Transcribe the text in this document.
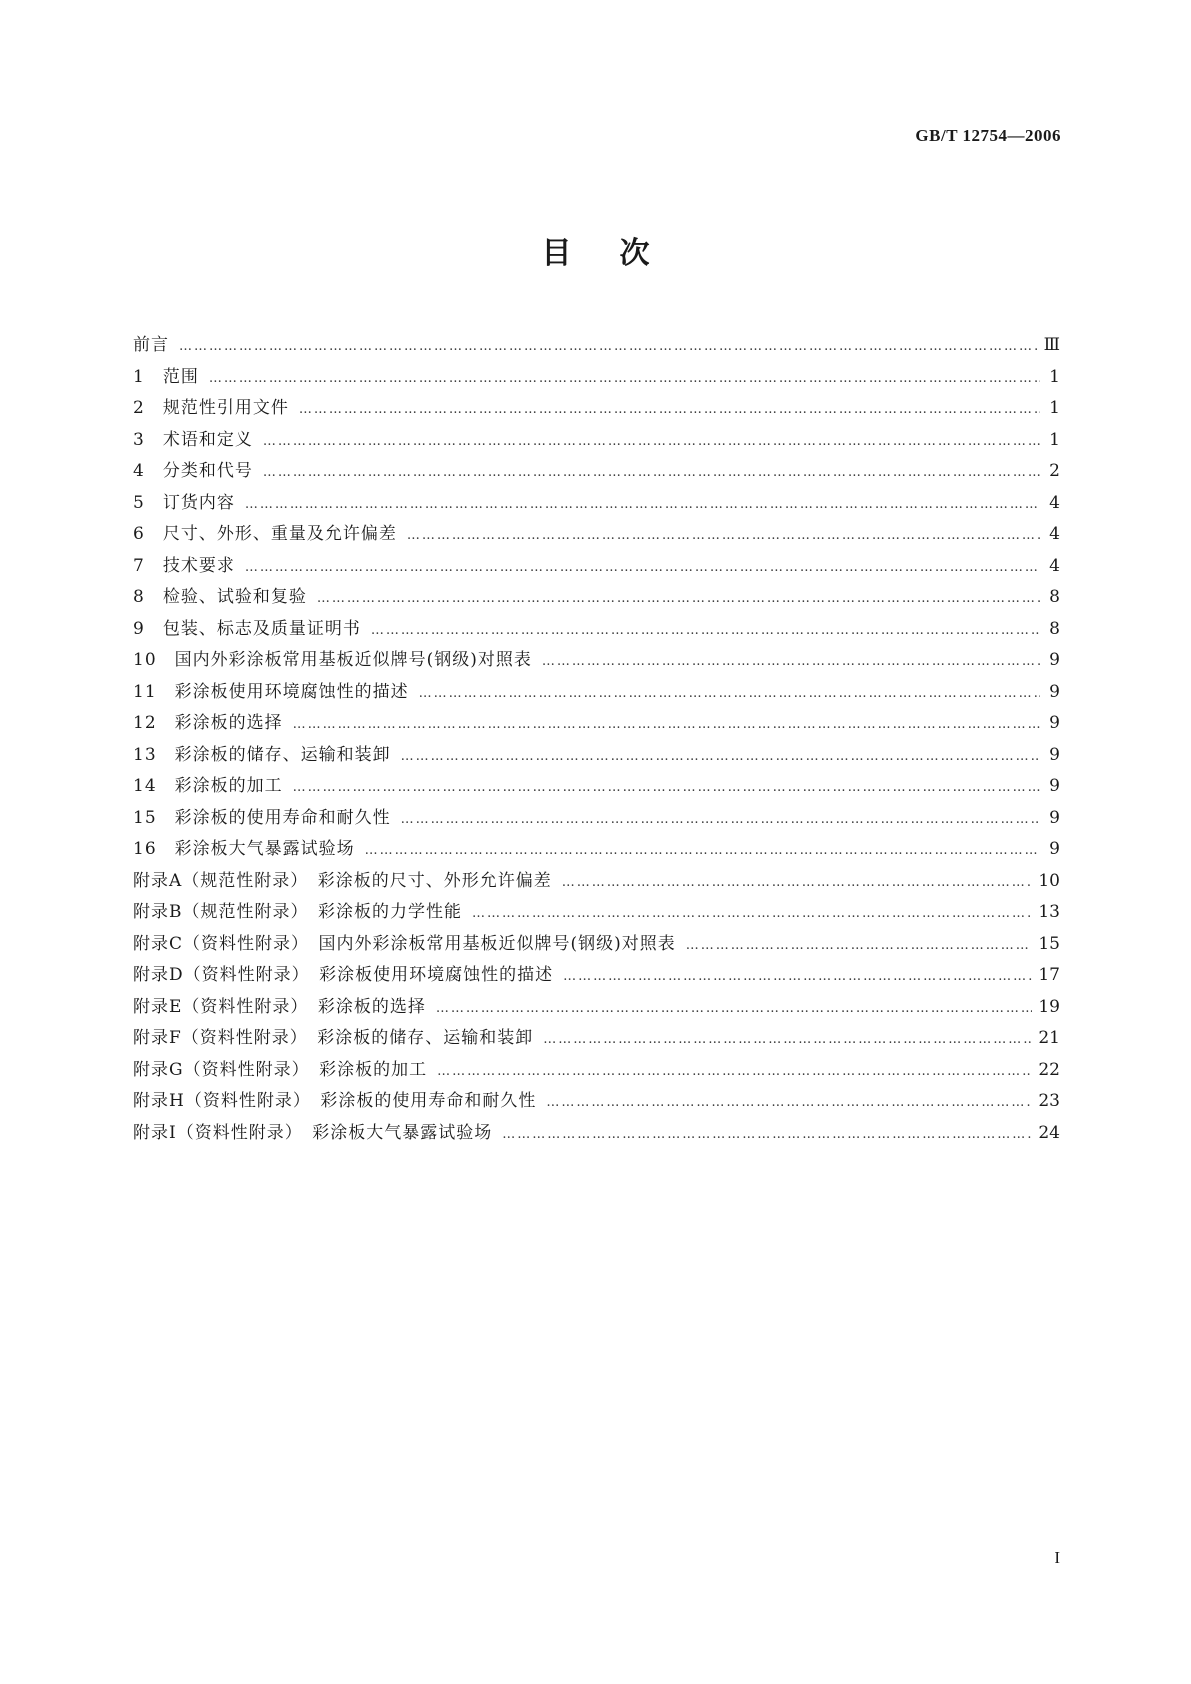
GB/T 12754—2006
目次
前言 …………………………………………………………………………………………………………………………………………………………………………………………………………	Ⅲ
1　范围 …………………………………………………………………………………………………………………………………………………………………………………………………………	1
2　规范性引用文件 …………………………………………………………………………………………………………………………………………………………………………………………………………	1
3　术语和定义 …………………………………………………………………………………………………………………………………………………………………………………………………………	1
4　分类和代号 …………………………………………………………………………………………………………………………………………………………………………………………………………	2
5　订货内容 …………………………………………………………………………………………………………………………………………………………………………………………………………	4
6　尺寸、外形、重量及允许偏差 …………………………………………………………………………………………………………………………………………………………………………………………………………	4
7　技术要求 …………………………………………………………………………………………………………………………………………………………………………………………………………	4
8　检验、试验和复验 …………………………………………………………………………………………………………………………………………………………………………………………………………	8
9　包装、标志及质量证明书 …………………………………………………………………………………………………………………………………………………………………………………………………………	8
10　国内外彩涂板常用基板近似牌号(钢级)对照表 …………………………………………………………………………………………………………………………………………………………………………………………………………	9
11　彩涂板使用环境腐蚀性的描述 …………………………………………………………………………………………………………………………………………………………………………………………………………	9
12　彩涂板的选择 …………………………………………………………………………………………………………………………………………………………………………………………………………	9
13　彩涂板的储存、运输和装卸 …………………………………………………………………………………………………………………………………………………………………………………………………………	9
14　彩涂板的加工 …………………………………………………………………………………………………………………………………………………………………………………………………………	9
15　彩涂板的使用寿命和耐久性 …………………………………………………………………………………………………………………………………………………………………………………………………………	9
16　彩涂板大气暴露试验场 …………………………………………………………………………………………………………………………………………………………………………………………………………	9
附录A（规范性附录）　彩涂板的尺寸、外形允许偏差 …………………………………………………………………………………………………………………………………………………………………………………………………………	10
附录B（规范性附录）　彩涂板的力学性能 …………………………………………………………………………………………………………………………………………………………………………………………………………	13
附录C（资料性附录）　国内外彩涂板常用基板近似牌号(钢级)对照表 …………………………………………………………………………………………………………………………………………………………………………………………………………	15
附录D（资料性附录）　彩涂板使用环境腐蚀性的描述 …………………………………………………………………………………………………………………………………………………………………………………………………………	17
附录E（资料性附录）　彩涂板的选择 …………………………………………………………………………………………………………………………………………………………………………………………………………	19
附录F（资料性附录）　彩涂板的储存、运输和装卸 …………………………………………………………………………………………………………………………………………………………………………………………………………	21
附录G（资料性附录）　彩涂板的加工 …………………………………………………………………………………………………………………………………………………………………………………………………………	22
附录H（资料性附录）　彩涂板的使用寿命和耐久性 …………………………………………………………………………………………………………………………………………………………………………………………………………	23
附录I（资料性附录）　彩涂板大气暴露试验场 …………………………………………………………………………………………………………………………………………………………………………………………………………	24
I
